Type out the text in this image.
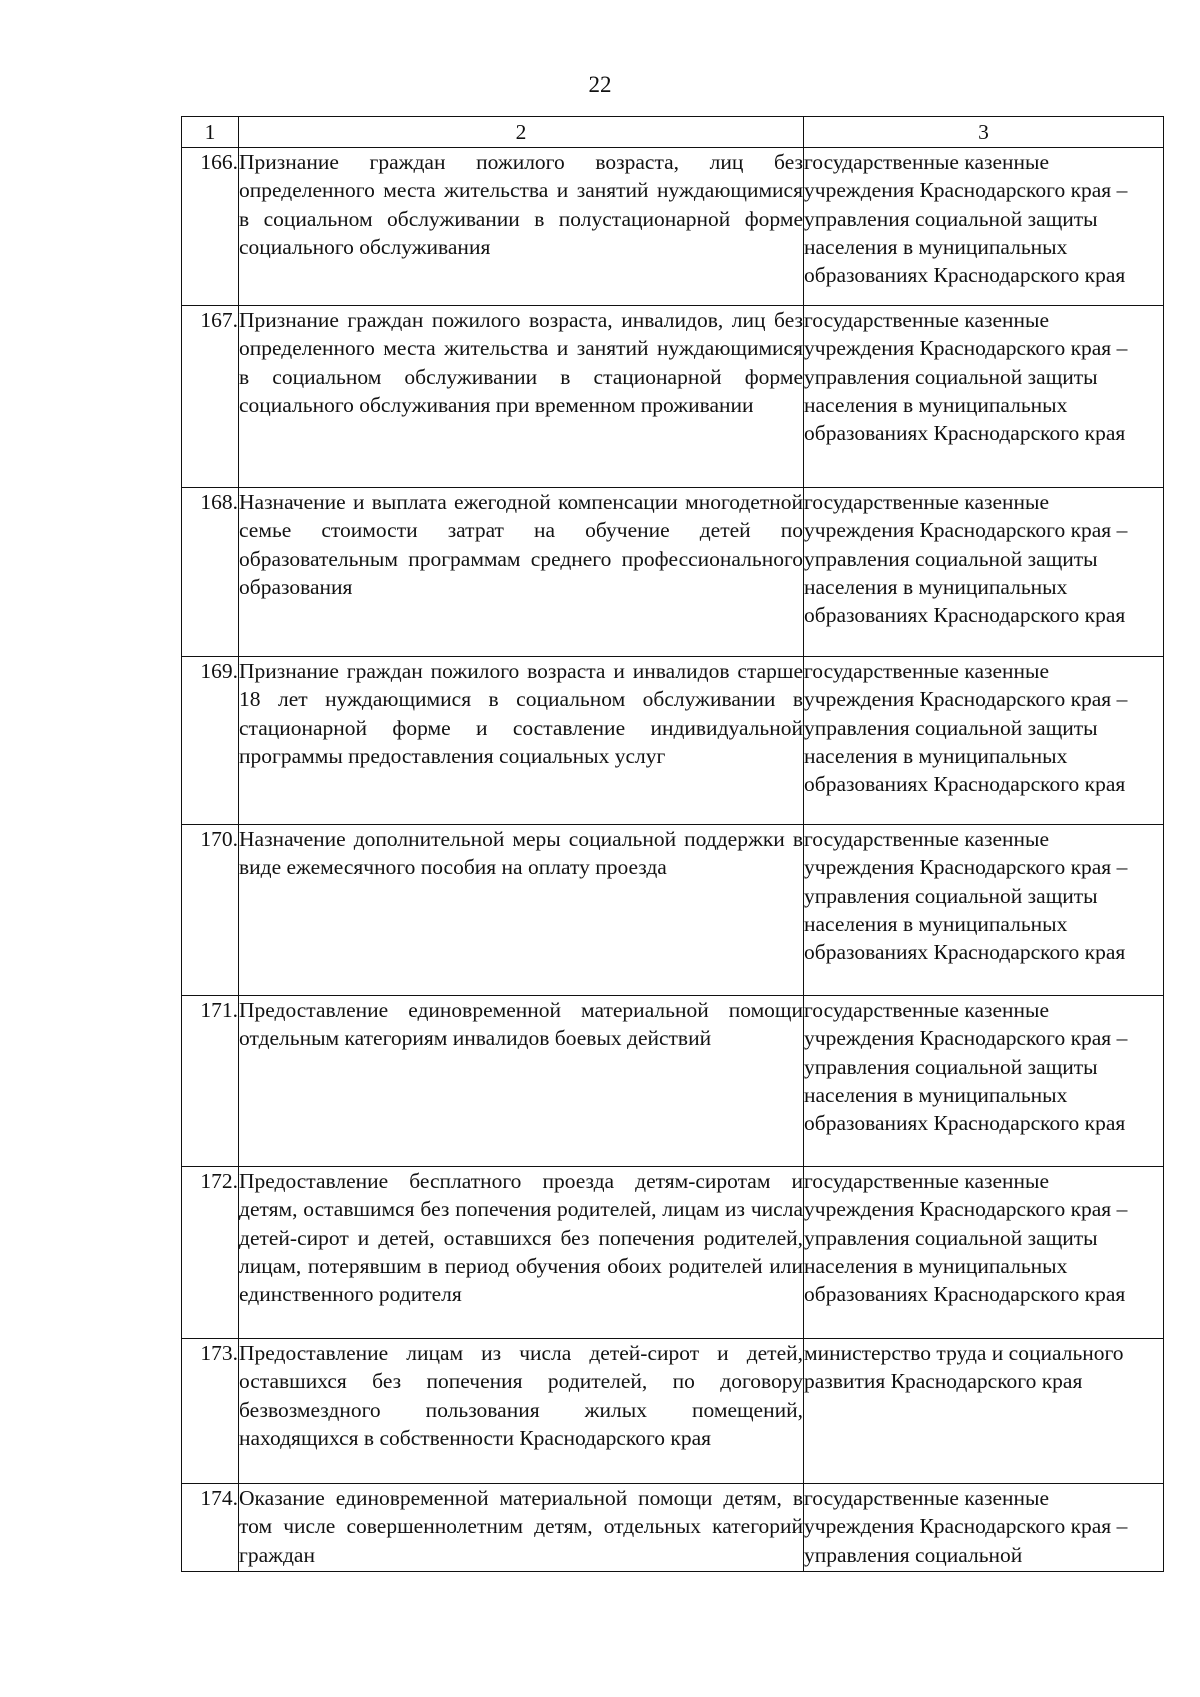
22
1	2	3
166.	Признание граждан пожилого возраста, лиц без определенного места жительства и занятий нуждающимися в социальном обслуживании в полустационарной форме социального обслуживания	государственные казенные учреждения Краснодарского края – управления социальной защиты населения в муниципальных образованиях Краснодарского края
167.	Признание граждан пожилого возраста, инвалидов, лиц без определенного места жительства и занятий нуждающимися в социальном обслуживании в стационарной форме социального обслуживания при временном проживании	государственные казенные учреждения Краснодарского края – управления социальной защиты населения в муниципальных образованиях Краснодарского края
168.	Назначение и выплата ежегодной компенсации многодетной семье стоимости затрат на обучение детей по образовательным программам среднего профессионального образования	государственные казенные учреждения Краснодарского края – управления социальной защиты населения в муниципальных образованиях Краснодарского края
169.	Признание граждан пожилого возраста и инвалидов старше 18 лет нуждающимися в социальном обслуживании в стационарной форме и составление индивидуальной программы предоставления социальных услуг	государственные казенные учреждения Краснодарского края – управления социальной защиты населения в муниципальных образованиях Краснодарского края
170.	Назначение дополнительной меры социальной поддержки в виде ежемесячного пособия на оплату проезда	государственные казенные учреждения Краснодарского края – управления социальной защиты населения в муниципальных образованиях Краснодарского края
171.	Предоставление единовременной материальной помощи отдельным категориям инвалидов боевых действий	государственные казенные учреждения Краснодарского края – управления социальной защиты населения в муниципальных образованиях Краснодарского края
172.	Предоставление бесплатного проезда детям-сиротам и детям, оставшимся без попечения родителей, лицам из числа детей-сирот и детей, оставшихся без попечения родителей, лицам, потерявшим в период обучения обоих родителей или единственного родителя	государственные казенные учреждения Краснодарского края – управления социальной защиты населения в муниципальных образованиях Краснодарского края
173.	Предоставление лицам из числа детей-сирот и детей, оставшихся без попечения родителей, по договору безвозмездного пользования жилых помещений, находящихся в собственности Краснодарского края	министерство труда и социального развития Краснодарского края
174.	Оказание единовременной материальной помощи детям, в том числе совершеннолетним детям, отдельных категорий граждан	государственные казенные учреждения Краснодарского края – управления социальной
